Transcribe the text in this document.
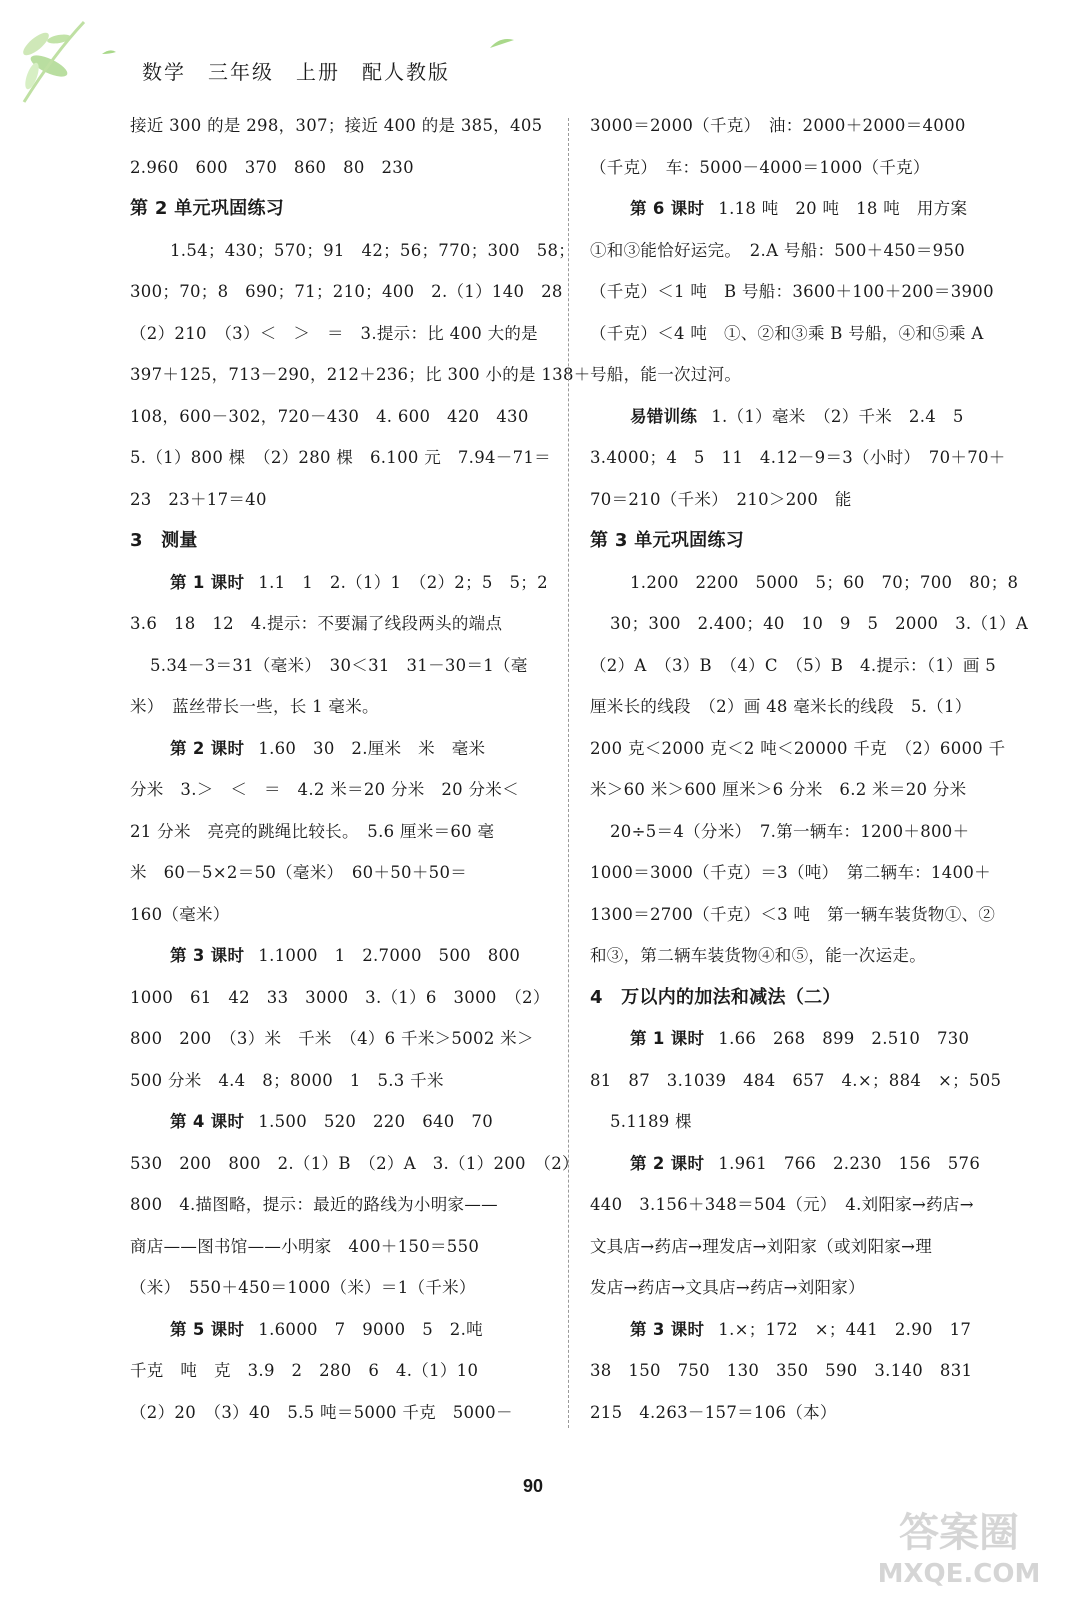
数学　三年级　上册　配人教版
接近 300 的是 298，307；接近 400 的是 385，405
2.960　600　370　860　80　230
第 2 单元巩固练习
1.54；430；570；91　42；56；770；300　58；
300；70；8　690；71；210；400　2.（1）140　28
（2）210　（3）＜　＞　＝　3.提示：比 400 大的是
397＋125，713－290，212＋236；比 300 小的是 138＋
108，600－302，720－430　4. 600　420　430
5.（1）800 棵　（2）280 棵　6.100 元　7.94－71＝
23　23＋17＝40
3　测量
第 1 课时 1.1　1　2.（1）1　（2）2；5　5；2
3.6　18　12　4.提示：不要漏了线段两头的端点
5.34－3＝31（毫米）　30＜31　31－30＝1（毫
米）　蓝丝带长一些，长 1 毫米。
第 2 课时 1.60　30　2.厘米　米　毫米
分米　3.＞　＜　＝　4.2 米＝20 分米　20 分米＜
21 分米　亮亮的跳绳比较长。　5.6 厘米＝60 毫
米　60－5×2＝50（毫米）　60＋50＋50＝
160（毫米）
第 3 课时 1.1000　1　2.7000　500　800
1000　61　42　33　3000　3.（1）6　3000　（2）
800　200　（3）米　千米　（4）6 千米＞5002 米＞
500 分米　4.4　8；8000　1　5.3 千米
第 4 课时 1.500　520　220　640　70
530　200　800　2.（1）B　（2）A　3.（1）200　（2）
800　4.描图略，提示：最近的路线为小明家——
商店——图书馆——小明家　400＋150＝550
（米）　550＋450＝1000（米）＝1（千米）
第 5 课时 1.6000　7　9000　5　2.吨
千克　吨　克　3.9　2　280　6　4.（1）10
（2）20　（3）40　5.5 吨＝5000 千克　5000－
3000＝2000（千克）　油：2000＋2000＝4000
（千克）　车：5000－4000＝1000（千克）
第 6 课时 1.18 吨　20 吨　18 吨　用方案
①和③能恰好运完。　2.A 号船：500＋450＝950
（千克）＜1 吨　B 号船：3600＋100＋200＝3900
（千克）＜4 吨　①、②和③乘 B 号船，④和⑤乘 A
号船，能一次过河。
易错训练 1.（1）毫米　（2）千米　2.4　5
3.4000；4　5　11　4.12－9＝3（小时）　70＋70＋
70＝210（千米）　210＞200　能
第 3 单元巩固练习
1.200　2200　5000　5；60　70；700　80；8
30；300　2.400；40　10　9　5　2000　3.（1）A
（2）A　（3）B　（4）C　（5）B　4.提示：（1）画 5
厘米长的线段　（2）画 48 毫米长的线段　5.（1）
200 克＜2000 克＜2 吨＜20000 千克　（2）6000 千
米＞60 米＞600 厘米＞6 分米　6.2 米＝20 分米
20÷5＝4（分米）　7.第一辆车：1200＋800＋
1000＝3000（千克）＝3（吨）　第二辆车：1400＋
1300＝2700（千克）＜3 吨　第一辆车装货物①、②
和③，第二辆车装货物④和⑤，能一次运走。
4　万以内的加法和减法（二）
第 1 课时 1.66　268　899　2.510　730
81　87　3.1039　484　657　4.×；884　×；505
5.1189 棵
第 2 课时 1.961　766　2.230　156　576
440　3.156＋348＝504（元）　4.刘阳家→药店→
文具店→药店→理发店→刘阳家（或刘阳家→理
发店→药店→文具店→药店→刘阳家）
第 3 课时 1.×；172　×；441　2.90　17
38　150　750　130　350　590　3.140　831
215　4.263－157＝106（本）
90
答案圈
MXQE.COM
